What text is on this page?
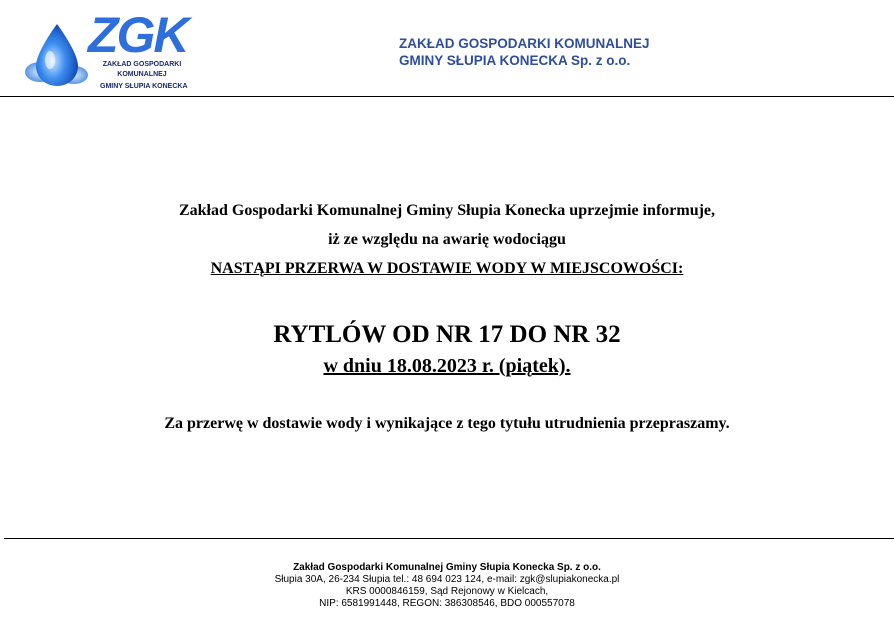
ZGK
ZAKŁAD GOSPODARKI
KOMUNALNEJ
GMINY SŁUPIA KONECKA
ZAKŁAD GOSPODARKI KOMUNALNEJ
GMINY SŁUPIA KONECKA Sp. z o.o.
Zakład Gospodarki Komunalnej Gminy Słupia Konecka uprzejmie informuje,
iż ze względu na awarię wodociągu
NASTĄPI PRZERWA W DOSTAWIE WODY W MIEJSCOWOŚCI:
RYTLÓW OD NR 17 DO NR 32
w dniu 18.08.2023 r. (piątek).
Za przerwę w dostawie wody i wynikające z tego tytułu utrudnienia przepraszamy.
Zakład Gospodarki Komunalnej Gminy Słupia Konecka Sp. z o.o.
Słupia 30A, 26-234 Słupia tel.: 48 694 023 124, e-mail: zgk@slupiakonecka.pl
KRS 0000846159, Sąd Rejonowy w Kielcach,
NIP: 6581991448, REGON: 386308546, BDO 000557078
